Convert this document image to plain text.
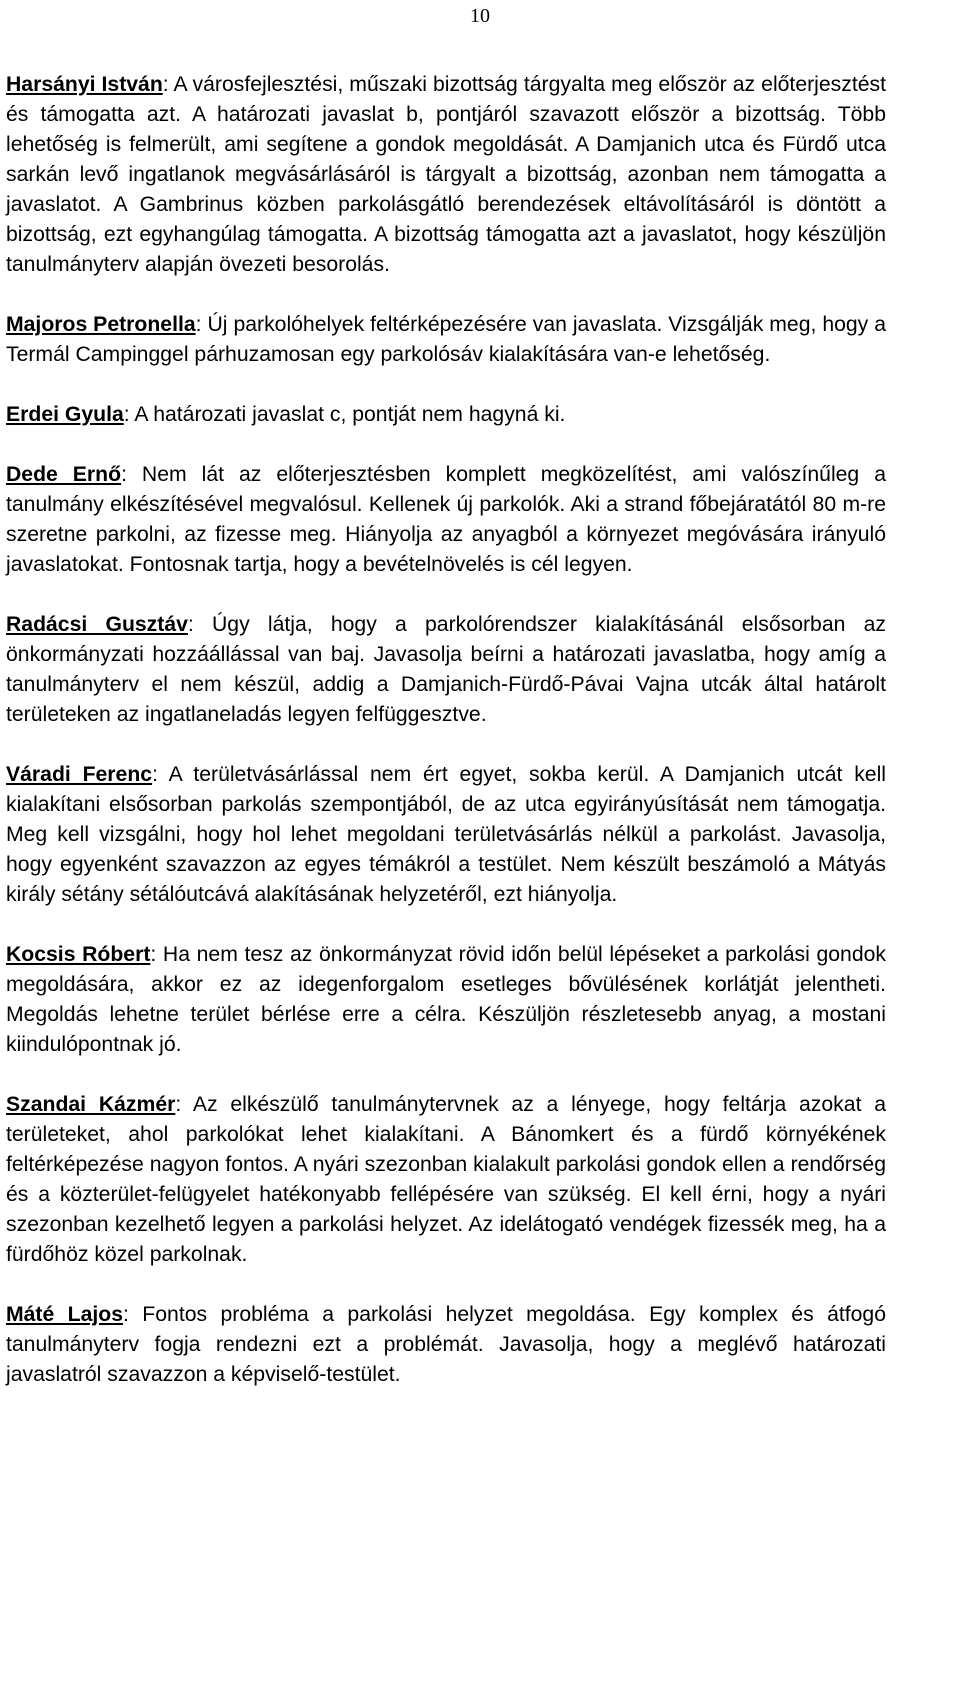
10

Harsányi István: A városfejlesztési, műszaki bizottság tárgyalta meg először az előterjesztést és támogatta azt. A határozati javaslat b, pontjáról szavazott először a bizottság. Több lehetőség is felmerült, ami segítene a gondok megoldását. A Damjanich utca és Fürdő utca sarkán levő ingatlanok megvásárlásáról is tárgyalt a bizottság, azonban nem támogatta a javaslatot. A Gambrinus közben parkolásgátló berendezések eltávolításáról is döntött a bizottság, ezt egyhangúlag támogatta. A bizottság támogatta azt a javaslatot, hogy készüljön tanulmányterv alapján övezeti besorolás.

Majoros Petronella: Új parkolóhelyek feltérképezésére van javaslata. Vizsgálják meg, hogy a Termál Campinggel párhuzamosan egy parkolósáv kialakítására van-e lehetőség.

Erdei Gyula: A határozati javaslat c, pontját nem hagyná ki.

Dede Ernő: Nem lát az előterjesztésben komplett megközelítést, ami valószínűleg a tanulmány elkészítésével megvalósul. Kellenek új parkolók. Aki a strand főbejáratától 80 m-re szeretne parkolni, az fizesse meg. Hiányolja az anyagból a környezet megóvására irányuló javaslatokat. Fontosnak tartja, hogy a bevételnövelés is cél legyen.

Radácsi Gusztáv: Úgy látja, hogy a parkolórendszer kialakításánál elsősorban az önkormányzati hozzáállással van baj. Javasolja beírni a határozati javaslatba, hogy amíg a tanulmányterv el nem készül, addig a Damjanich-Fürdő-Pávai Vajna utcák által határolt területeken az ingatlaneladás legyen felfüggesztve.

Váradi Ferenc: A területvásárlással nem ért egyet, sokba kerül. A Damjanich utcát kell kialakítani elsősorban parkolás szempontjából, de az utca egyirányúsítását nem támogatja. Meg kell vizsgálni, hogy hol lehet megoldani területvásárlás nélkül a parkolást. Javasolja, hogy egyenként szavazzon az egyes témákról a testület. Nem készült beszámoló a Mátyás király sétány sétálóutcává alakításának helyzetéről, ezt hiányolja.

Kocsis Róbert: Ha nem tesz az önkormányzat rövid időn belül lépéseket a parkolási gondok megoldására, akkor ez az idegenforgalom esetleges bővülésének korlátját jelentheti. Megoldás lehetne terület bérlése erre a célra. Készüljön részletesebb anyag, a mostani kiindulópontnak jó.

Szandai Kázmér: Az elkészülő tanulmánytervnek az a lényege, hogy feltárja azokat a területeket, ahol parkolókat lehet kialakítani. A Bánomkert és a fürdő környékének feltérképezése nagyon fontos. A nyári szezonban kialakult parkolási gondok ellen a rendőrség és a közterület-felügyelet hatékonyabb fellépésére van szükség. El kell érni, hogy a nyári szezonban kezelhető legyen a parkolási helyzet. Az idelátogató vendégek fizessék meg, ha a fürdőhöz közel parkolnak.

Máté Lajos: Fontos probléma a parkolási helyzet megoldása. Egy komplex és átfogó tanulmányterv fogja rendezni ezt a problémát. Javasolja, hogy a meglévő határozati javaslatról szavazzon a képviselő-testület.
